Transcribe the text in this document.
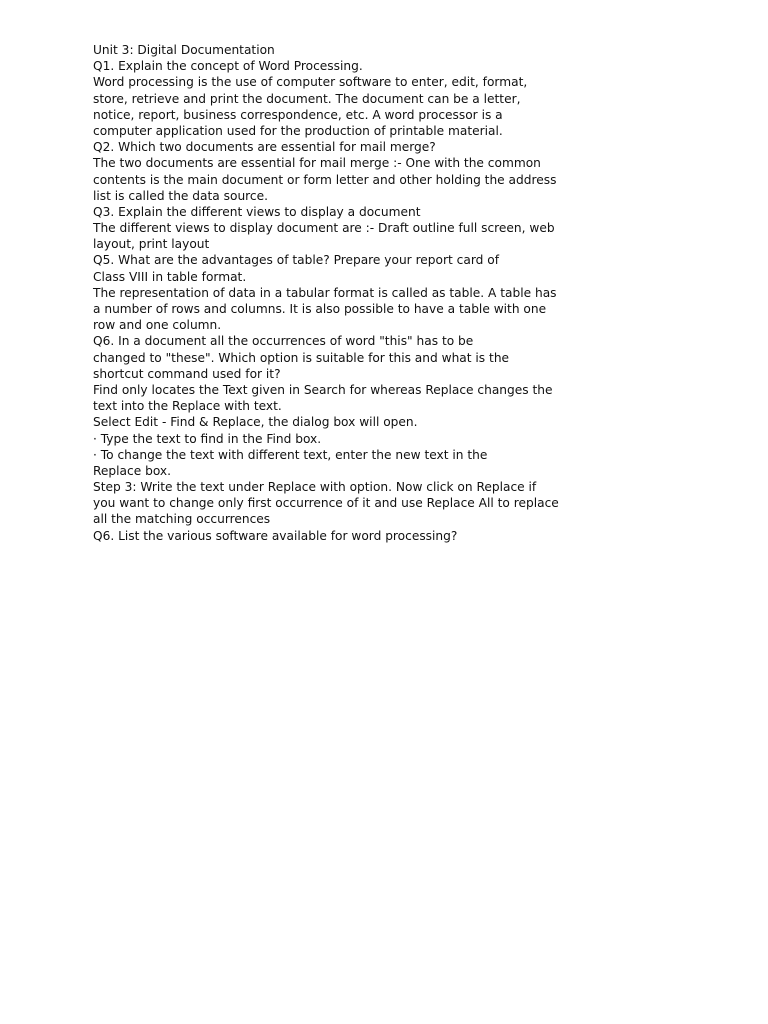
Unit 3: Digital Documentation
Q1. Explain the concept of Word Processing.
Word processing is the use of computer software to enter, edit, format,
store, retrieve and print the document. The document can be a letter,
notice, report, business correspondence, etc. A word processor is a
computer application used for the production of printable material.
Q2. Which two documents are essential for mail merge?
The two documents are essential for mail merge :- One with the common
contents is the main document or form letter and other holding the address
list is called the data source.
Q3. Explain the different views to display a document
The different views to display document are :- Draft outline full screen, web
layout, print layout
Q5. What are the advantages of table? Prepare your report card of
Class VIII in table format.
The representation of data in a tabular format is called as table. A table has
a number of rows and columns. It is also possible to have a table with one
row and one column.
Q6. In a document all the occurrences of word "this" has to be
changed to "these". Which option is suitable for this and what is the
shortcut command used for it?
Find only locates the Text given in Search for whereas Replace changes the
text into the Replace with text.
Select Edit - Find & Replace, the dialog box will open.
· Type the text to find in the Find box.
· To change the text with different text, enter the new text in the
Replace box.
Step 3: Write the text under Replace with option. Now click on Replace if
you want to change only first occurrence of it and use Replace All to replace
all the matching occurrences
Q6. List the various software available for word processing?
